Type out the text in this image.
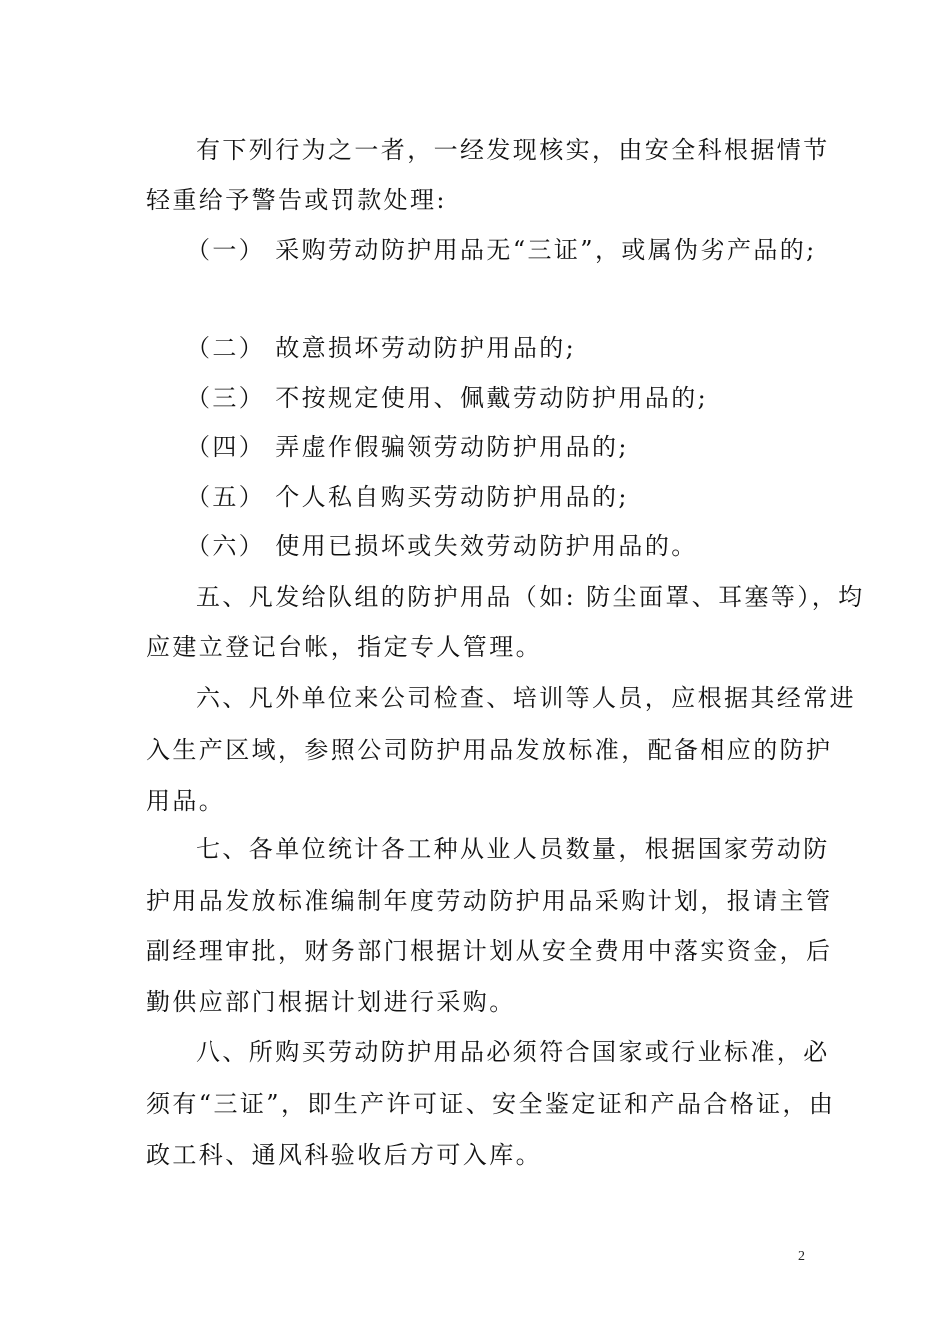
有下列行为之一者，一经发现核实，由安全科根据情节
轻重给予警告或罚款处理:
（一） 采购劳动防护用品无“三证”，或属伪劣产品的;
（二） 故意损坏劳动防护用品的;
（三） 不按规定使用、佩戴劳动防护用品的;
（四） 弄虚作假骗领劳动防护用品的;
（五） 个人私自购买劳动防护用品的;
（六） 使用已损坏或失效劳动防护用品的。
五、凡发给队组的防护用品（如: 防尘面罩、耳塞等），均
应建立登记台帐，指定专人管理。
六、凡外单位来公司检查、培训等人员，应根据其经常进
入生产区域，参照公司防护用品发放标准，配备相应的防护
用品。
七、各单位统计各工种从业人员数量，根据国家劳动防
护用品发放标准编制年度劳动防护用品采购计划，报请主管
副经理审批，财务部门根据计划从安全费用中落实资金，后
勤供应部门根据计划进行采购。
八、所购买劳动防护用品必须符合国家或行业标准，必
须有“三证”，即生产许可证、安全鉴定证和产品合格证，由
政工科、通风科验收后方可入库。
2
